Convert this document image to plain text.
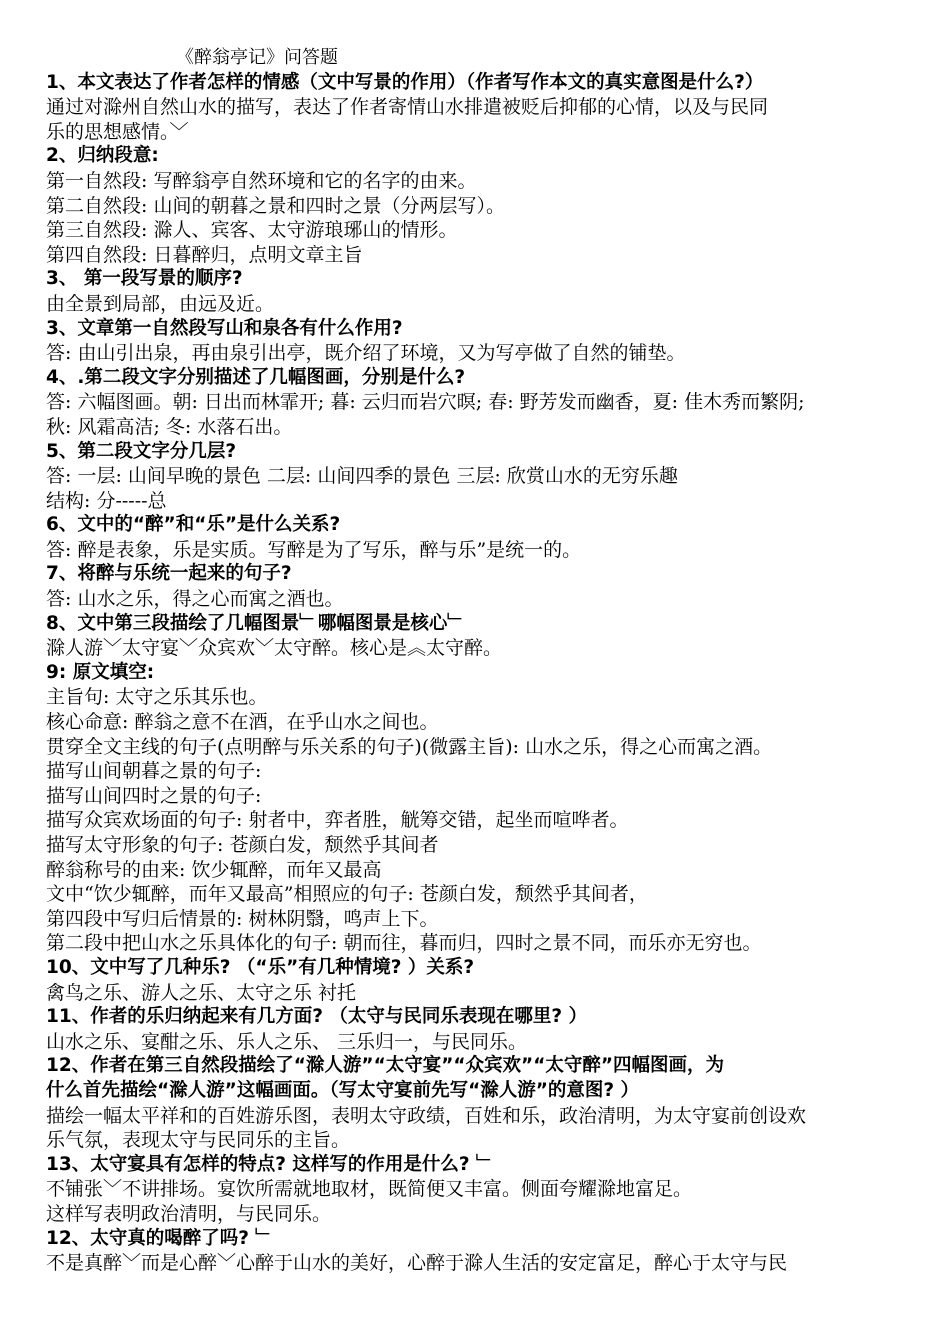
《醉翁亭记》问答题
1、本文表达了作者怎样的情感（文中写景的作用）（作者写作本文的真实意图是什么?）
通过对滁州自然山水的描写，表达了作者寄情山水排遣被贬后抑郁的心情，以及与民同
乐的思想感情。﹀
2、归纳段意:
第一自然段: 写醉翁亭自然环境和它的名字的由来。
第二自然段: 山间的朝暮之景和四时之景（分两层写）。
第三自然段: 滁人、宾客、太守游琅琊山的情形。
第四自然段: 日暮醉归，点明文章主旨
3、 第一段写景的顺序?
由全景到局部，由远及近。
3、文章第一自然段写山和泉各有什么作用?
答: 由山引出泉，再由泉引出亭，既介绍了环境，又为写亭做了自然的铺垫。
4、.第二段文字分别描述了几幅图画，分别是什么?
答: 六幅图画。朝: 日出而林霏开; 暮: 云归而岩穴暝; 春: 野芳发而幽香，夏: 佳木秀而繁阴;
秋: 风霜高洁; 冬: 水落石出。
5、第二段文字分几层?
答: 一层: 山间早晚的景色 二层: 山间四季的景色 三层: 欣赏山水的无穷乐趣
结构: 分-----总
6、文中的“醉”和“乐”是什么关系?
答: 醉是表象，乐是实质。写醉是为了写乐，醉与乐”是统一的。
7、将醉与乐统一起来的句子?
答: 山水之乐，得之心而寓之酒也。
8、文中第三段描绘了几幅图景﹂哪幅图景是核心﹂
滁人游﹀太守宴﹀众宾欢﹀太守醉。核心是︽太守醉。
9: 原文填空:
主旨句: 太守之乐其乐也。
核心命意: 醉翁之意不在酒，在乎山水之间也。
贯穿全文主线的句子(点明醉与乐关系的句子)(微露主旨): 山水之乐，得之心而寓之酒。
描写山间朝暮之景的句子:
描写山间四时之景的句子:
描写众宾欢场面的句子: 射者中，弈者胜，觥筹交错，起坐而喧哗者。
描写太守形象的句子: 苍颜白发，颓然乎其间者
醉翁称号的由来: 饮少辄醉，而年又最高
文中“饮少辄醉，而年又最高”相照应的句子: 苍颜白发，颓然乎其间者，
第四段中写归后情景的: 树林阴翳，鸣声上下。
第二段中把山水之乐具体化的句子: 朝而往，暮而归，四时之景不同，而乐亦无穷也。
10、文中写了几种乐? （“乐”有几种情境? ）关系?
禽鸟之乐、游人之乐、太守之乐 衬托
11、作者的乐归纳起来有几方面? （太守与民同乐表现在哪里? ）
山水之乐、宴酣之乐、乐人之乐、 三乐归一，与民同乐。
12、作者在第三自然段描绘了“滁人游”“太守宴”“众宾欢”“太守醉”四幅图画，为
什么首先描绘“滁人游”这幅画面。（写太守宴前先写“滁人游”的意图? ）
描绘一幅太平祥和的百姓游乐图，表明太守政绩，百姓和乐，政治清明，为太守宴前创设欢
乐气氛，表现太守与民同乐的主旨。
13、太守宴具有怎样的特点? 这样写的作用是什么? ﹂
不铺张﹀不讲排场。宴饮所需就地取材，既简便又丰富。侧面夸耀滁地富足。
这样写表明政治清明，与民同乐。
12、太守真的喝醉了吗? ﹂
不是真醉﹀而是心醉﹀心醉于山水的美好，心醉于滁人生活的安定富足，醉心于太守与民
